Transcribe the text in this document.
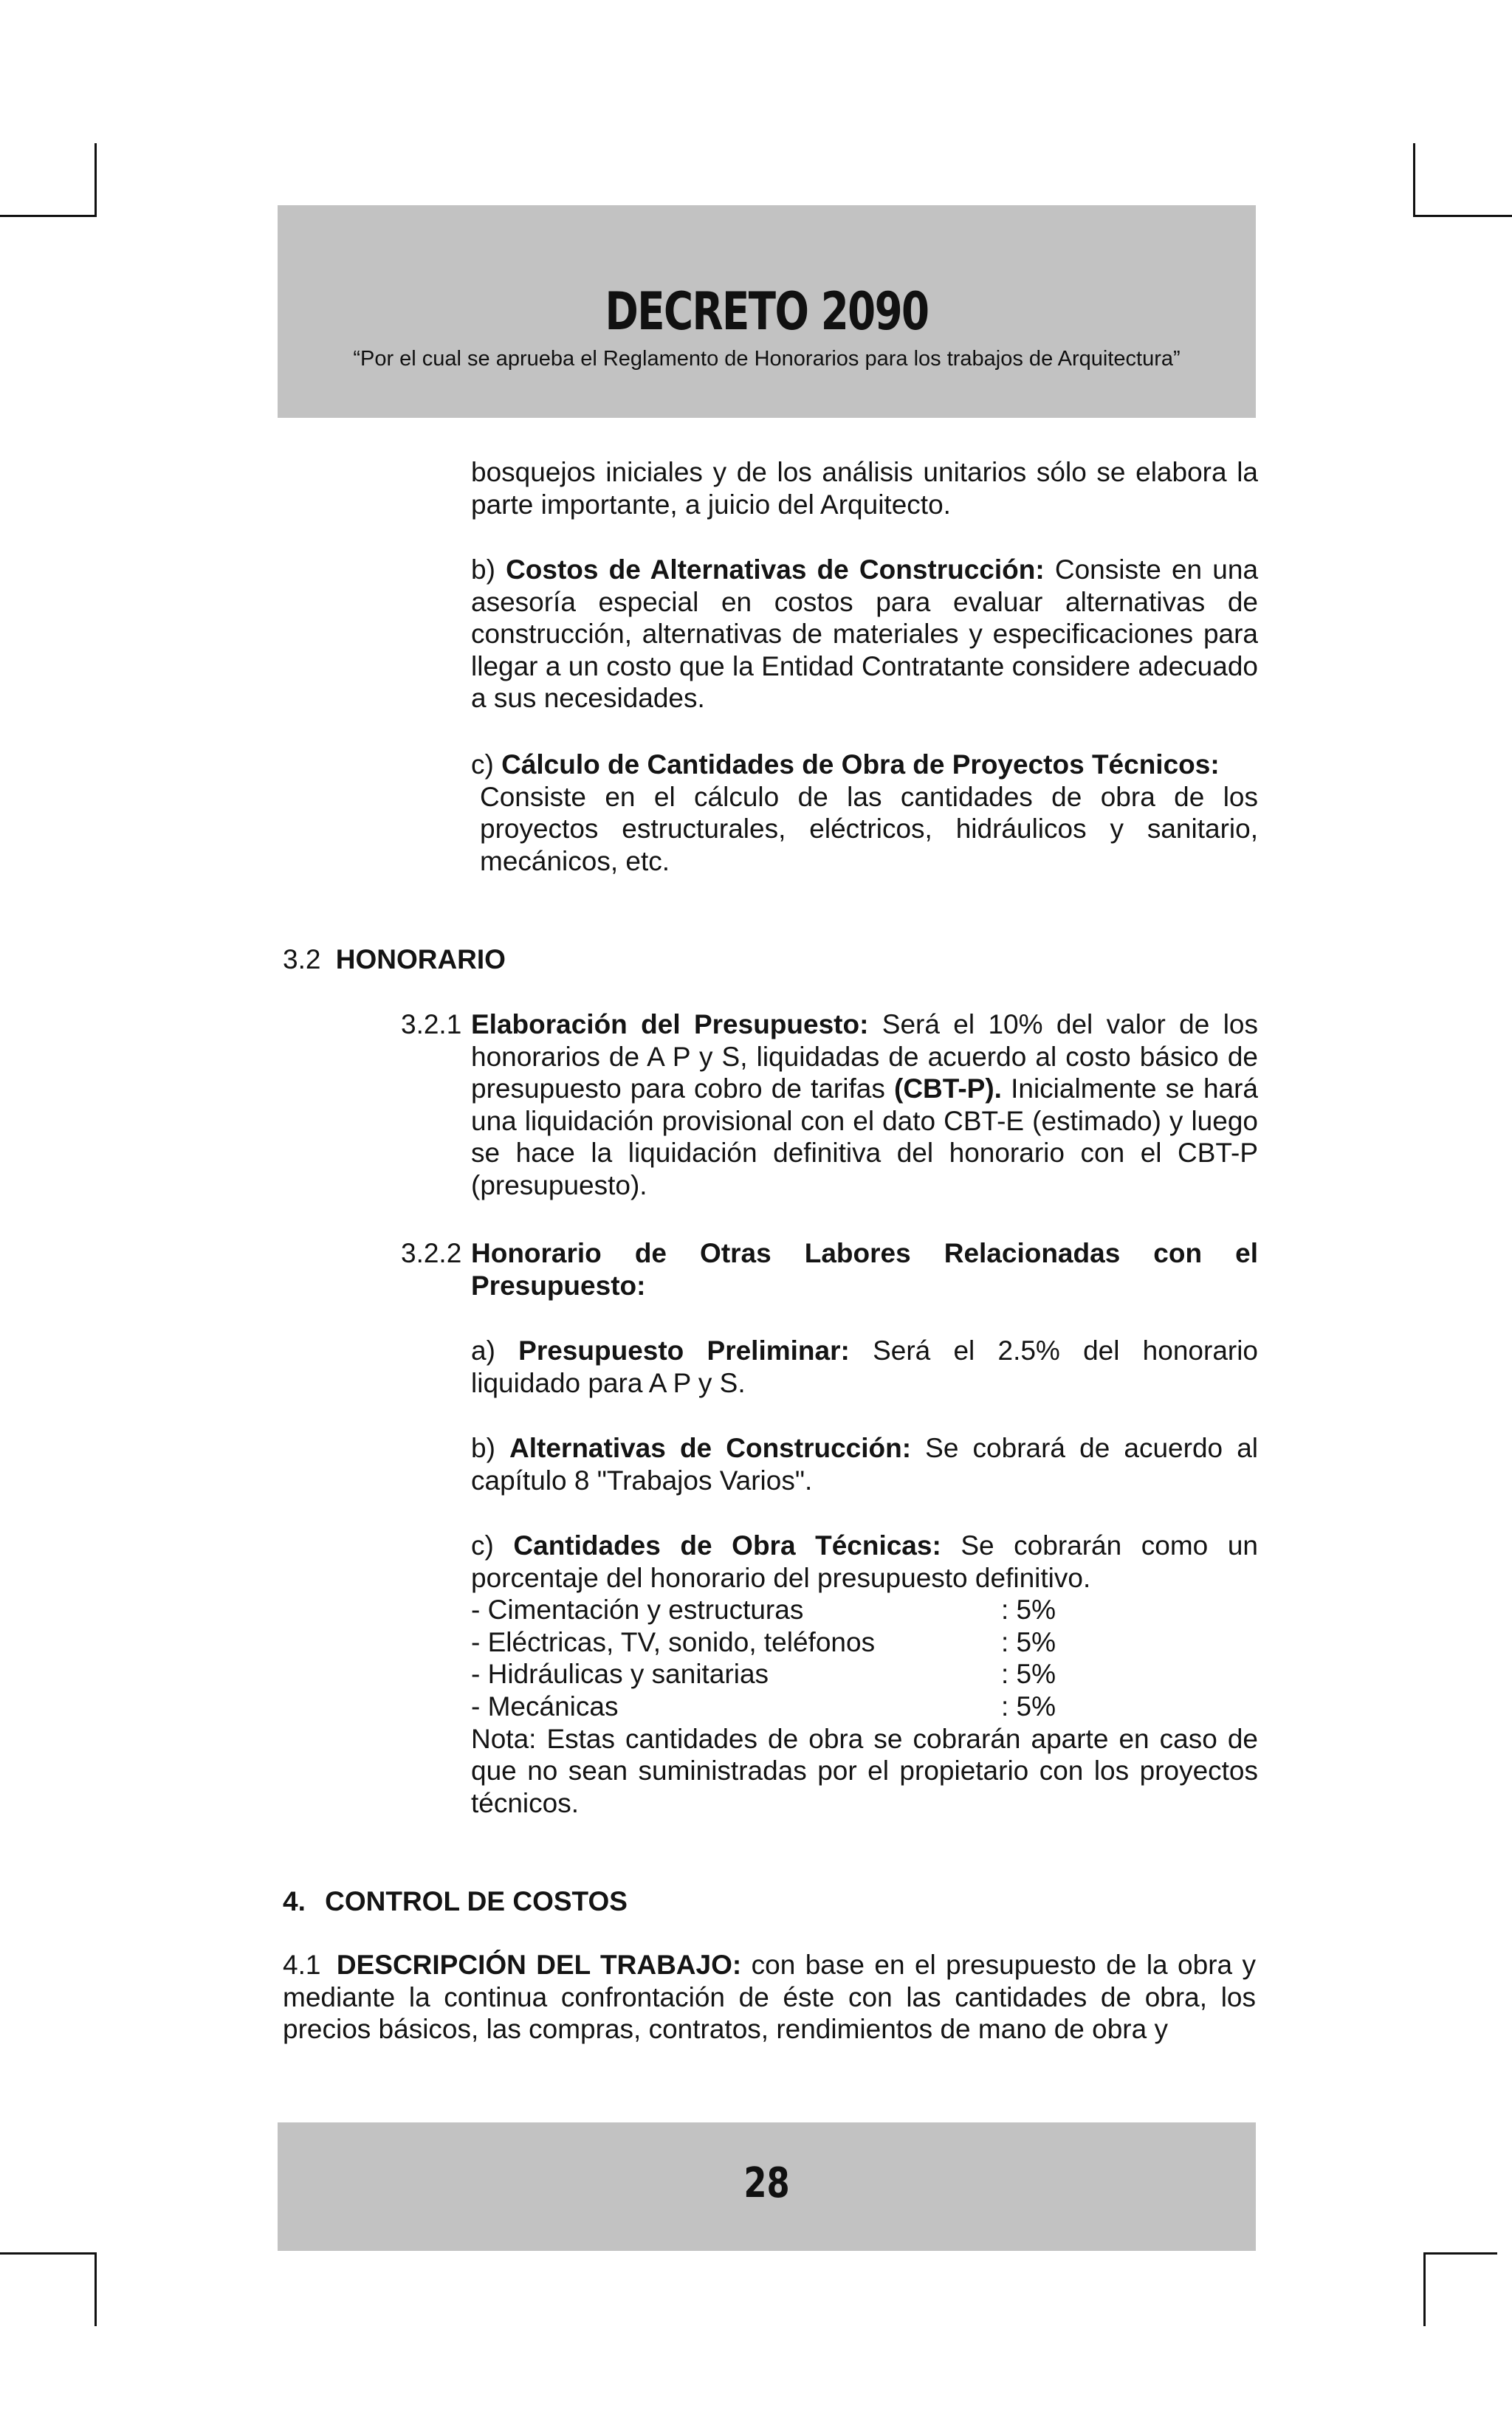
DECRETO 2090
“Por el cual se aprueba el Reglamento de Honorarios para los trabajos de Arquitectura”
bosquejos iniciales y de los análisis unitarios sólo se elabora la parte importante, a juicio del Arquitecto.
b) Costos de Alternativas de Construcción: Consiste en una asesoría especial en costos para evaluar alternativas de construcción, alternativas de materiales y especificaciones para llegar a un costo que la Entidad Contratante considere adecuado a sus necesidades.
c) Cálculo de Cantidades de Obra de Proyectos Técnicos:
Consiste en el cálculo de las cantidades de obra de los proyectos estructurales, eléctricos, hidráulicos y sanitario, mecánicos, etc.
3.2 HONORARIO
3.2.1 Elaboración del Presupuesto: Será el 10% del valor de los honorarios de A P y S, liquidadas de acuerdo al costo básico de presupuesto para cobro de tarifas (CBT-P). Inicialmente se hará una liquidación provisional con el dato CBT-E (estimado) y luego se hace la liquidación definitiva del honorario con el CBT-P (presupuesto).
3.2.2 Honorario de Otras Labores Relacionadas con el
Presupuesto:
a) Presupuesto Preliminar: Será el 2.5% del honorario liquidado para A P y S.
b) Alternativas de Construcción: Se cobrará de acuerdo al capítulo 8 "Trabajos Varios".
c) Cantidades de Obra Técnicas: Se cobrarán como un porcentaje del honorario del presupuesto definitivo.
- Cimentación y estructuras	: 5%
- Eléctricas, TV, sonido, teléfonos	: 5%
- Hidráulicas y sanitarias	: 5%
- Mecánicas	: 5%
Nota: Estas cantidades de obra se cobrarán aparte en caso de que no sean suministradas por el propietario con los proyectos técnicos.
4. CONTROL DE COSTOS
4.1 DESCRIPCIÓN DEL TRABAJO: con base en el presupuesto de la obra y mediante la continua confrontación de éste con las cantidades de obra, los precios básicos, las compras, contratos, rendimientos de mano de obra y
28
